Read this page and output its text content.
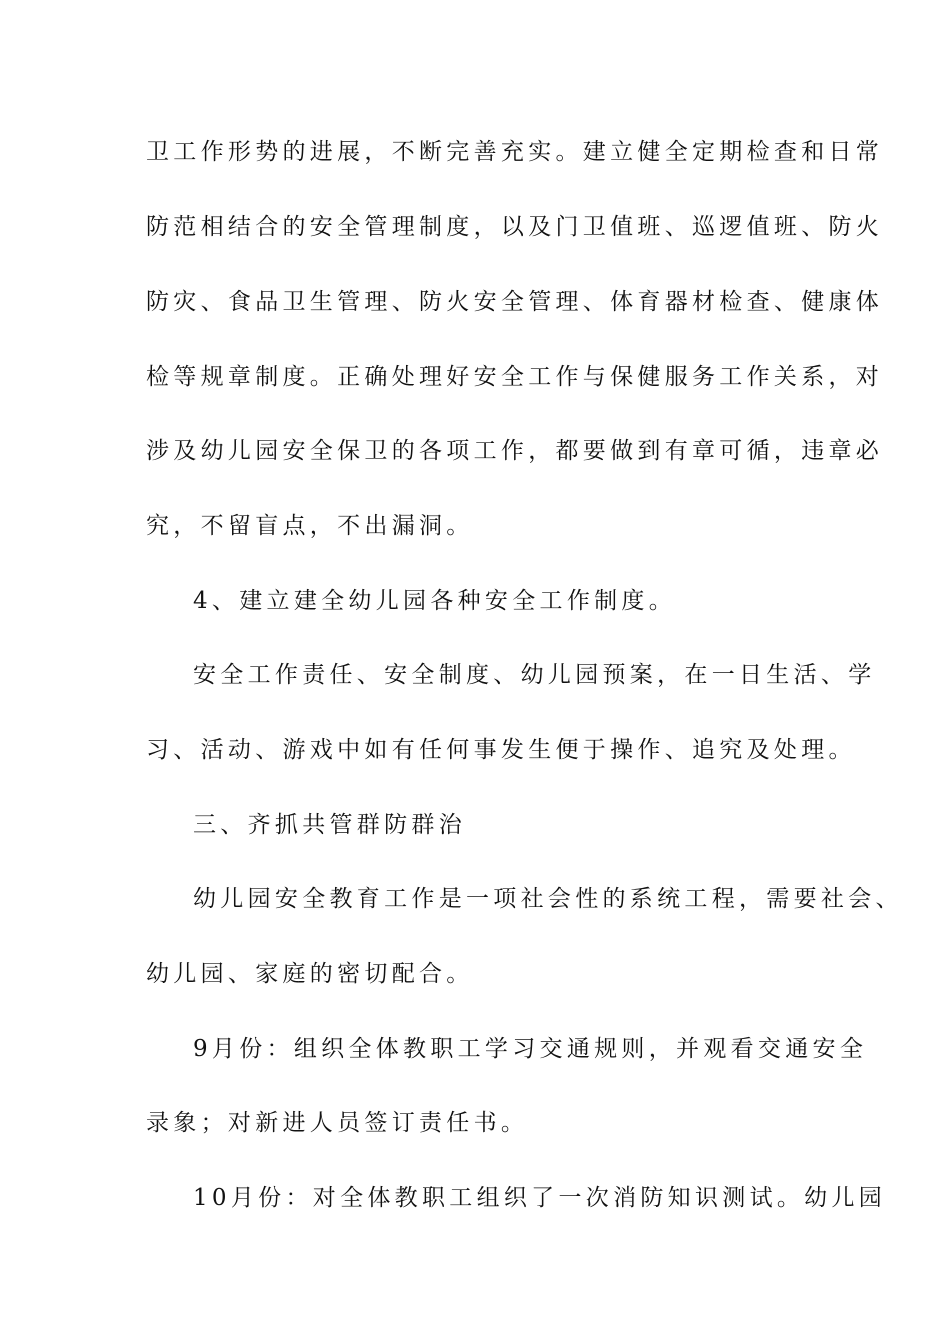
卫工作形势的进展，不断完善充实。建立健全定期检查和日常
防范相结合的安全管理制度，以及门卫值班、巡逻值班、防火
防灾、食品卫生管理、防火安全管理、体育器材检查、健康体
检等规章制度。正确处理好安全工作与保健服务工作关系，对
涉及幼儿园安全保卫的各项工作，都要做到有章可循，违章必
究，不留盲点，不出漏洞。
4、建立建全幼儿园各种安全工作制度。
安全工作责任、安全制度、幼儿园预案，在一日生活、学
习、活动、游戏中如有任何事发生便于操作、追究及处理。
三、齐抓共管群防群治
幼儿园安全教育工作是一项社会性的系统工程，需要社会、
幼儿园、家庭的密切配合。
9月份：组织全体教职工学习交通规则，并观看交通安全
录象；对新进人员签订责任书。
10月份：对全体教职工组织了一次消防知识测试。幼儿园
